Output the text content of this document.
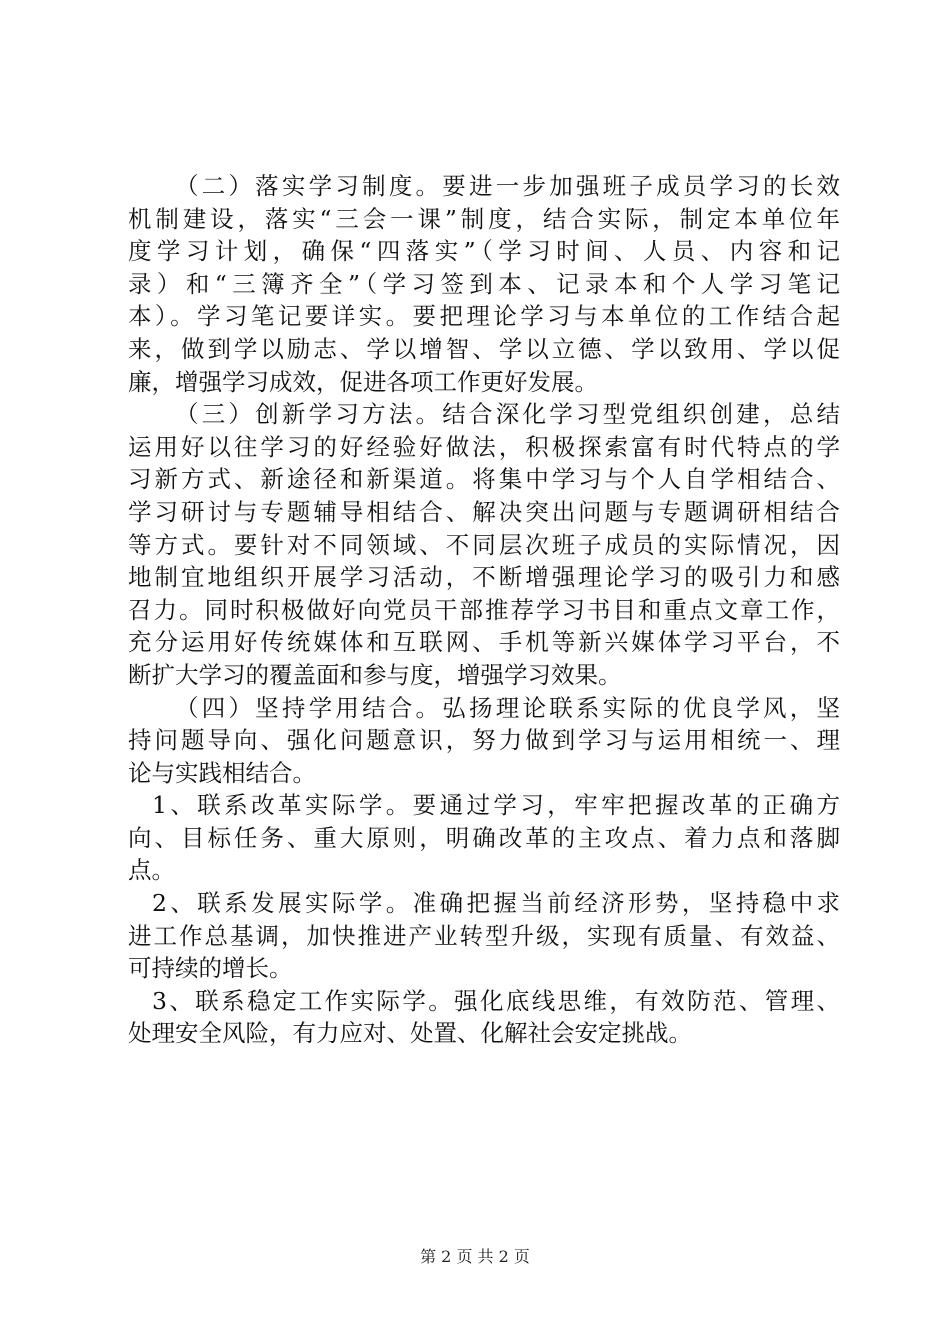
（二）落实学习制度。要进一步加强班子成员学习的长效
机制建设，落实“三会一课”制度，结合实际，制定本单位年
度学习计划，确保“四落实”（学习时间、人员、内容和记
录）和“三簿齐全”（学习签到本、记录本和个人学习笔记
本）。学习笔记要详实。要把理论学习与本单位的工作结合起
来，做到学以励志、学以增智、学以立德、学以致用、学以促
廉，增强学习成效，促进各项工作更好发展。
（三）创新学习方法。结合深化学习型党组织创建，总结
运用好以往学习的好经验好做法，积极探索富有时代特点的学
习新方式、新途径和新渠道。将集中学习与个人自学相结合、
学习研讨与专题辅导相结合、解决突出问题与专题调研相结合
等方式。要针对不同领域、不同层次班子成员的实际情况，因
地制宜地组织开展学习活动，不断增强理论学习的吸引力和感
召力。同时积极做好向党员干部推荐学习书目和重点文章工作，
充分运用好传统媒体和互联网、手机等新兴媒体学习平台，不
断扩大学习的覆盖面和参与度，增强学习效果。
（四）坚持学用结合。弘扬理论联系实际的优良学风，坚
持问题导向、强化问题意识，努力做到学习与运用相统一、理
论与实践相结合。
1、联系改革实际学。要通过学习，牢牢把握改革的正确方
向、目标任务、重大原则，明确改革的主攻点、着力点和落脚
点。
2、联系发展实际学。准确把握当前经济形势，坚持稳中求
进工作总基调，加快推进产业转型升级，实现有质量、有效益、
可持续的增长。
3、联系稳定工作实际学。强化底线思维，有效防范、管理、
处理安全风险，有力应对、处置、化解社会安定挑战。
第 2 页 共 2 页
